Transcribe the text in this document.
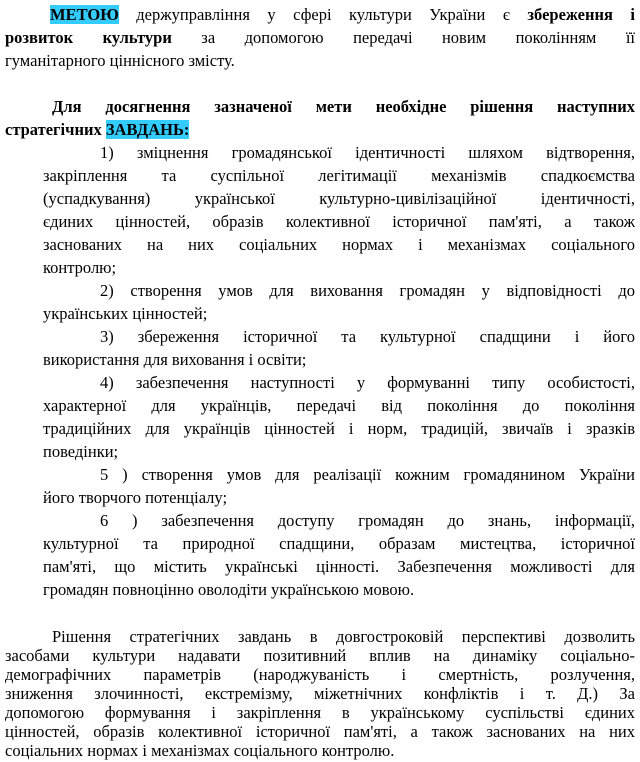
МЕТОЮ держуправління у сфері культури України є збереження і
розвиток культури за допомогою передачі новим поколінням її
гуманітарного ціннісного змісту.
Для досягнення зазначеної мети необхідне рішення наступних
стратегічних ЗАВДАНЬ:
1) зміцнення громадянської ідентичності шляхом відтворення,
закріплення та суспільної легітимації механізмів спадкоємства
(успадкування) української культурно-цивілізаційної ідентичності,
єдиних цінностей, образів колективної історичної пам'яті, а також
заснованих на них соціальних нормах і механізмах соціального
контролю;
2) створення умов для виховання громадян у відповідності до
українських цінностей;
3) збереження історичної та культурної спадщини і його
використання для виховання і освіти;
4) забезпечення наступності у формуванні типу особистості,
характерної для українців, передачі від покоління до покоління
традиційних для українців цінностей і норм, традицій, звичаїв і зразків
поведінки;
5 ) створення умов для реалізації кожним громадянином України
його творчого потенціалу;
6 ) забезпечення доступу громадян до знань, інформації,
культурної та природної спадщини, образам мистецтва, історичної
пам'яті, що містить українські цінності. Забезпечення можливості для
громадян повноцінно оволодіти українською мовою.
Рішення стратегічних завдань в довгостроковій перспективі дозволить
засобами культури надавати позитивний вплив на динаміку соціально-
демографічних параметрів (народжуваність і смертність, розлучення,
зниження злочинності, екстремізму, міжетнічних конфліктів і т. Д.) За
допомогою формування і закріплення в українському суспільстві єдиних
цінностей, образів колективної історичної пам'яті, а також заснованих на них
соціальних нормах і механізмах соціального контролю.
